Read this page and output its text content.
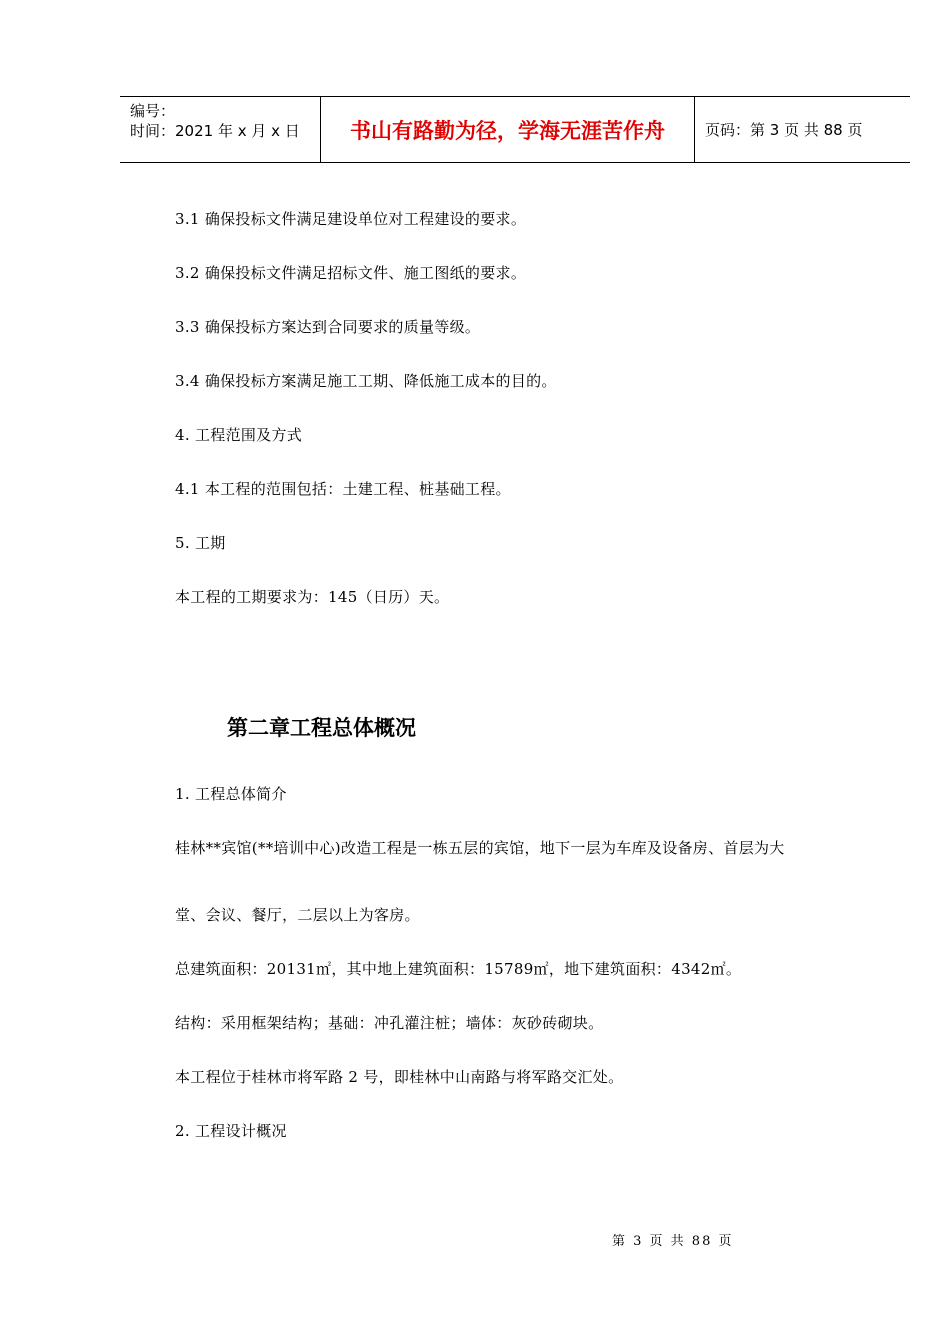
编号：
时间：2021 年 x 月 x 日	书山有路勤为径，学海无涯苦作舟	页码：第 3 页 共 88 页
3.1 确保投标文件满足建设单位对工程建设的要求。
3.2 确保投标文件满足招标文件、施工图纸的要求。
3.3 确保投标方案达到合同要求的质量等级。
3.4 确保投标方案满足施工工期、降低施工成本的目的。
4. 工程范围及方式
4.1 本工程的范围包括：土建工程、桩基础工程。
5. 工期
本工程的工期要求为：145（日历）天。
第二章工程总体概况
1. 工程总体简介
桂林**宾馆(**培训中心)改造工程是一栋五层的宾馆，地下一层为车库及设备房、首层为大
堂、会议、餐厅，二层以上为客房。
总建筑面积：20131㎡，其中地上建筑面积：15789㎡，地下建筑面积：4342㎡。
结构：采用框架结构；基础：冲孔灌注桩；墙体：灰砂砖砌块。
本工程位于桂林市将军路 2 号，即桂林中山南路与将军路交汇处。
2. 工程设计概况
第 3 页 共 88 页
